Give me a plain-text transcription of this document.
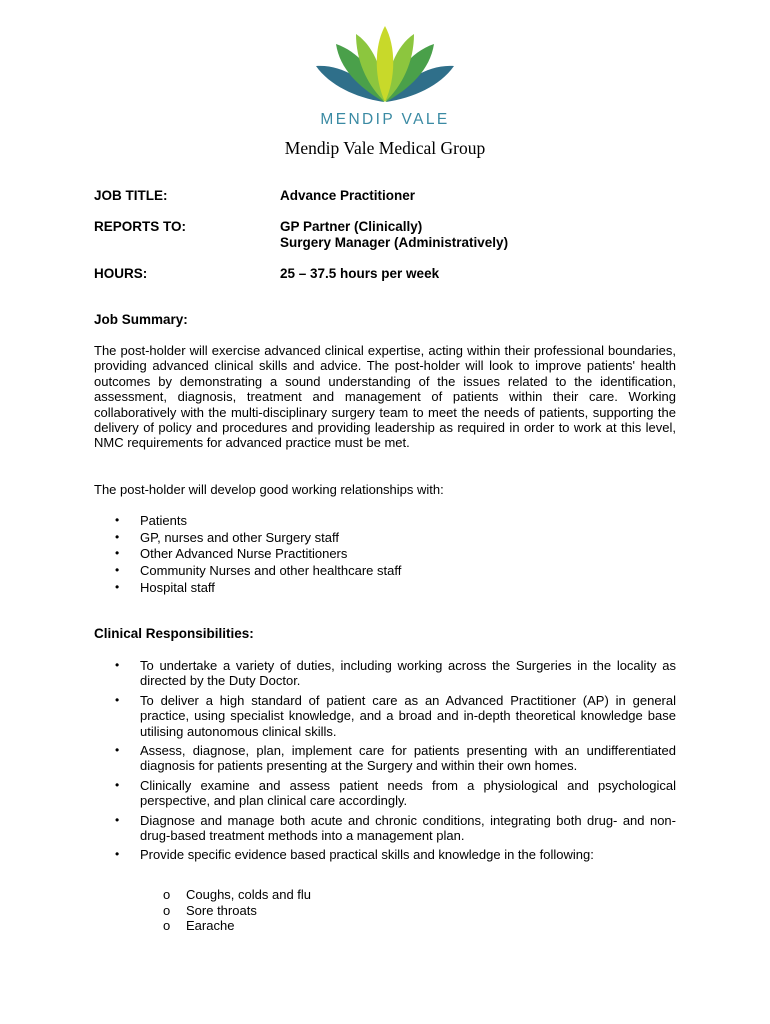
MENDIP VALE
Mendip Vale Medical Group
JOB TITLE:	Advance Practitioner
REPORTS TO:	GP Partner (Clinically)
Surgery Manager (Administratively)
HOURS:	25 – 37.5 hours per week
Job Summary:

The post-holder will exercise advanced clinical expertise, acting within their professional boundaries, providing advanced clinical skills and advice. The post-holder will look to improve patients' health outcomes by demonstrating a sound understanding of the issues related to the identification, assessment, diagnosis, treatment and management of patients within their care. Working collaboratively with the multi-disciplinary surgery team to meet the needs of patients, supporting the delivery of policy and procedures and providing leadership as required in order to work at this level, NMC requirements for advanced practice must be met.

The post-holder will develop good working relationships with:

• Patients
• GP, nurses and other Surgery staff
• Other Advanced Nurse Practitioners
• Community Nurses and other healthcare staff
• Hospital staff
Clinical Responsibilities:
• To undertake a variety of duties, including working across the Surgeries in the locality as directed by the Duty Doctor.
• To deliver a high standard of patient care as an Advanced Practitioner (AP) in general practice, using specialist knowledge, and a broad and in-depth theoretical knowledge base utilising autonomous clinical skills.
• Assess, diagnose, plan, implement care for patients presenting with an undifferentiated diagnosis for patients presenting at the Surgery and within their own homes.
• Clinically examine and assess patient needs from a physiological and psychological perspective, and plan clinical care accordingly.
• Diagnose and manage both acute and chronic conditions, integrating both drug- and non-drug-based treatment methods into a management plan.
• Provide specific evidence based practical skills and knowledge in the following:
o Coughs, colds and flu
o Sore throats
o Earache
